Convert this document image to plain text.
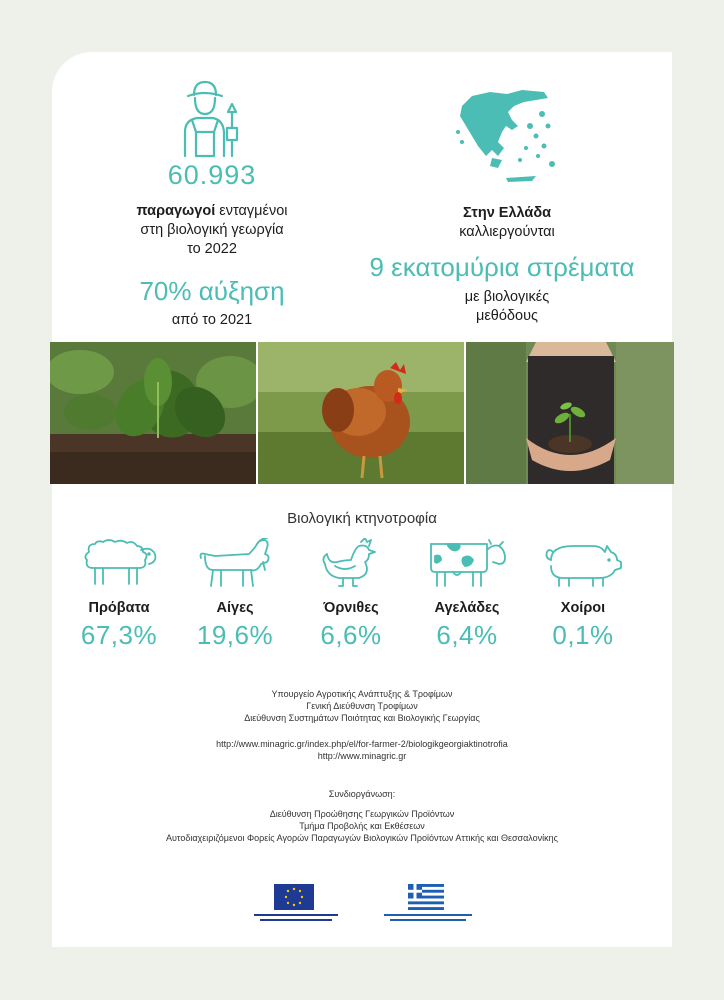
60.993
παραγωγοί ενταγμένοι
στη βιολογική γεωργία
το 2022
70% αύξηση
από το 2021
Στην Ελλάδα
καλλιεργούνται
9 εκατομύρια στρέματα
με βιολογικές
μεθόδους
Βιολογική κτηνοτροφία
Πρόβατα
67,3%
Αίγες
19,6%
Όρνιθες
6,6%
Αγελάδες
6,4%
Χοίροι
0,1%
Υπουργείο Αγροτικής Ανάπτυξης & Τροφίμων
Γενική Διεύθυνση Τροφίμων
Διεύθυνση Συστημάτων Ποιότητας και Βιολογικής Γεωργίας
http://www.minagric.gr/index.php/el/for-farmer-2/biologikgeorgiaktinotrofia
http://www.minagric.gr
Συνδιοργάνωση:
Διεύθυνση Προώθησης Γεωργικών Προϊόντων
Τμήμα Προβολής και Εκθέσεων
Αυτοδιαχειριζόμενοι Φορείς Αγορών Παραγωγών Βιολογικών Προϊόντων Αττικής και Θεσσαλονίκης
